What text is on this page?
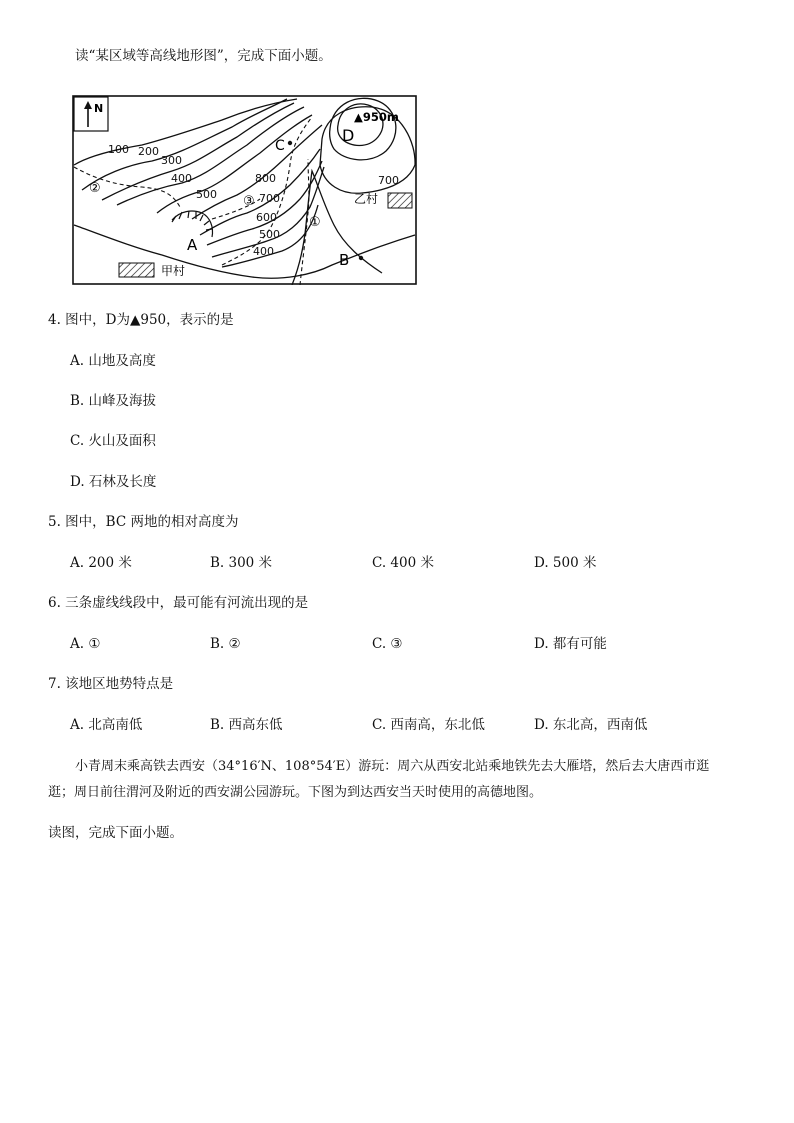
读“某区域等高线地形图”，完成下面小题。
N
100 200
300
400
500
800
700
600
500
400
700
▲950m
D
C
A
B
②
③
①
甲村
乙村
4. 图中，D为▲950，表示的是
A. 山地及高度
B. 山峰及海拔
C. 火山及面积
D. 石林及长度
5. 图中，BC 两地的相对高度为
A. 200 米	B. 300 米	C. 400 米	D. 500 米
6. 三条虚线线段中，最可能有河流出现的是
A. ①	B. ②	C. ③	D. 都有可能
7. 该地区地势特点是
A. 北高南低	B. 西高东低	C. 西南高，东北低	D. 东北高，西南低
小青周末乘高铁去西安（34°16′N、108°54′E）游玩：周六从西安北站乘地铁先去大雁塔，然后去大唐西市逛
逛；周日前往渭河及附近的西安湖公园游玩。下图为到达西安当天时使用的高德地图。
读图，完成下面小题。
